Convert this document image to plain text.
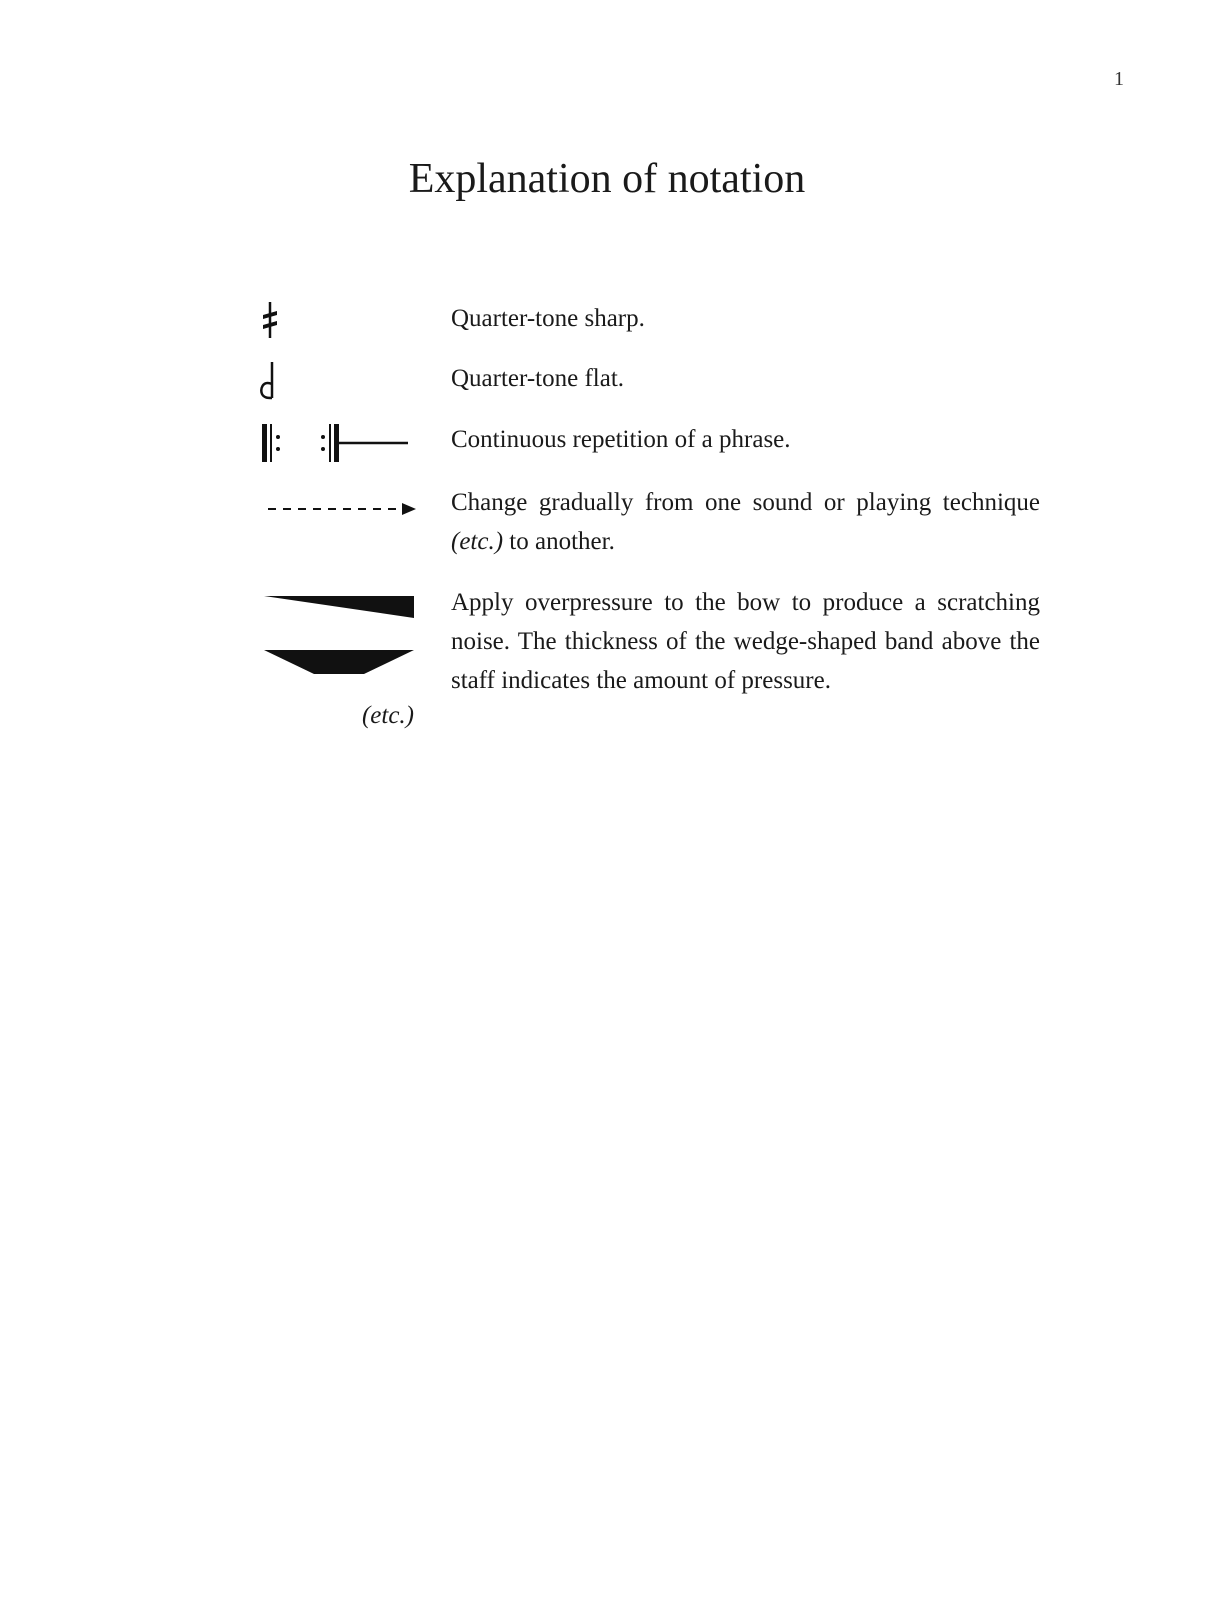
1
Explanation of notation
Quarter-tone sharp.
Quarter-tone flat.
Continuous repetition of a phrase.
Change gradually from one sound or playing technique (etc.) to another.
(etc.)
Apply overpressure to the bow to produce a scratching noise. The thickness of the wedge-shaped band above the staff indicates the amount of pressure.
